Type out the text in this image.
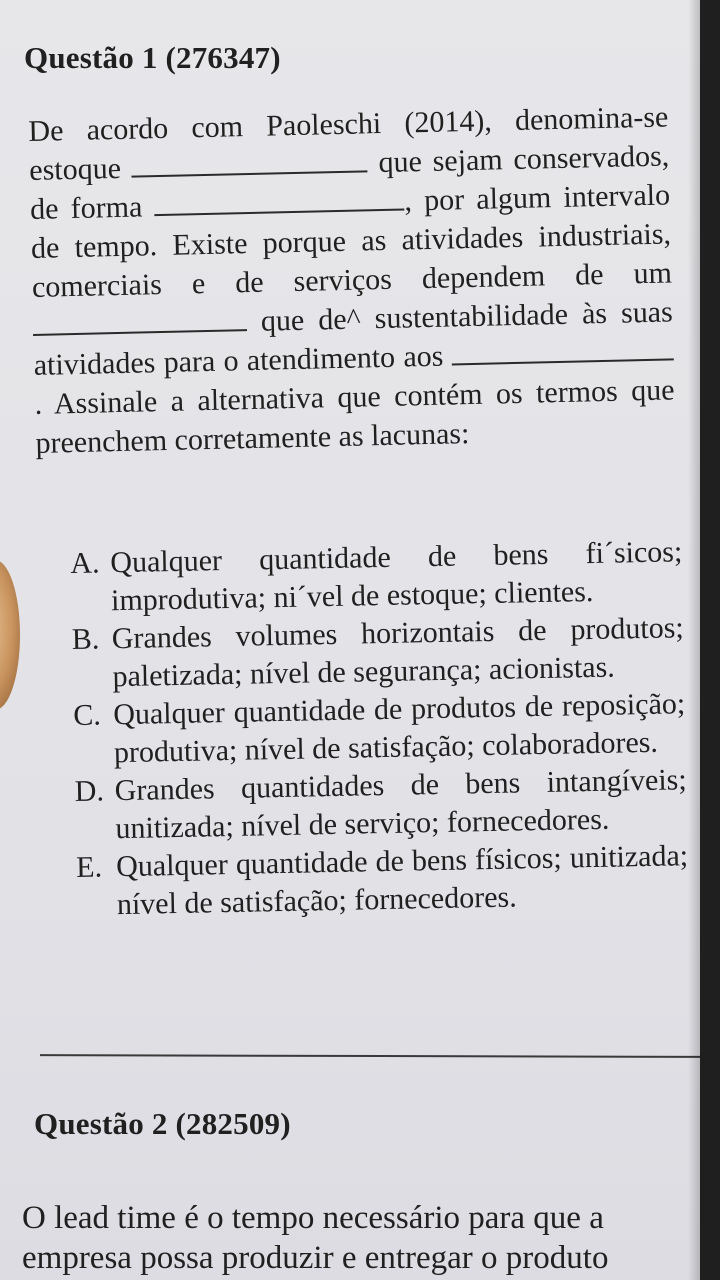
Questão 1 (276347)
De acordo com Paoleschi (2014), denomina-se estoque	que sejam conservados, de forma	, por algum intervalo de tempo. Existe porque as atividades industriais, comerciais e de serviços dependem de um  que de^ sustentabilidade às suas atividades para o atendimento aos . Assinale a alternativa que contém os termos que preenchem corretamente as lacunas:
A. Qualquer quantidade de bens fi´sicos; improdutiva; ni´vel de estoque; clientes.
B. Grandes volumes horizontais de produtos; paletizada; nível de segurança; acionistas.
C. Qualquer quantidade de produtos de reposição; produtiva; nível de satisfação; colaboradores.
D. Grandes quantidades de bens intangíveis; unitizada; nível de serviço; fornecedores.
E. Qualquer quantidade de bens físicos; unitizada; nível de satisfação; fornecedores.
Questão 2 (282509)
O lead time é o tempo necessário para que a
empresa possa produzir e entregar o produto
